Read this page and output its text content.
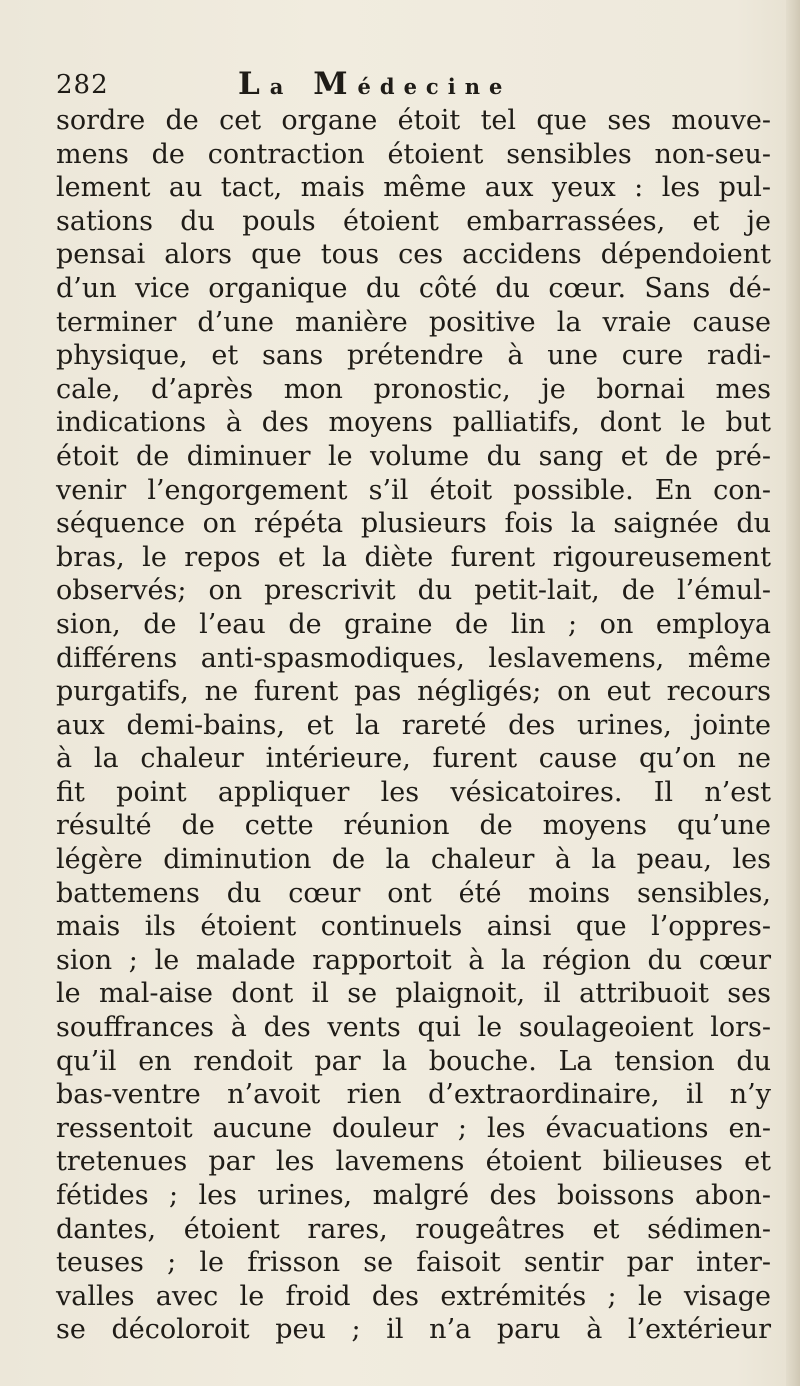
282	La Médecine
sordre de cet organe étoit tel que ses mouve-
mens de contraction étoient sensibles non-seu-
lement au tact, mais même aux yeux : les pul-
sations du pouls étoient embarrassées, et je
pensai alors que tous ces accidens dépendoient
d’un vice organique du côté du cœur. Sans dé-
terminer d’une manière positive la vraie cause
physique, et sans prétendre à une cure radi-
cale, d’après mon pronostic, je bornai mes
indications à des moyens palliatifs, dont le but
étoit de diminuer le volume du sang et de pré-
venir l’engorgement s’il étoit possible. En con-
séquence on répéta plusieurs fois la saignée du
bras, le repos et la diète furent rigoureusement
observés; on prescrivit du petit-lait, de l’émul-
sion, de l’eau de graine de lin ; on employa
différens anti-spasmodiques, leslavemens, même
purgatifs, ne furent pas négligés; on eut recours
aux demi-bains, et la rareté des urines, jointe
à la chaleur intérieure, furent cause qu’on ne
fit point appliquer les vésicatoires. Il n’est
résulté de cette réunion de moyens qu’une
légère diminution de la chaleur à la peau, les
battemens du cœur ont été moins sensibles,
mais ils étoient continuels ainsi que l’oppres-
sion ; le malade rapportoit à la région du cœur
le mal-aise dont il se plaignoit, il attribuoit ses
souffrances à des vents qui le soulageoient lors-
qu’il en rendoit par la bouche. La tension du
bas-ventre n’avoit rien d’extraordinaire, il n’y
ressentoit aucune douleur ; les évacuations en-
tretenues par les lavemens étoient bilieuses et
fétides ; les urines, malgré des boissons abon-
dantes, étoient rares, rougeâtres et sédimen-
teuses ; le frisson se faisoit sentir par inter-
valles avec le froid des extrémités ; le visage
se décoloroit peu ; il n’a paru à l’extérieur
